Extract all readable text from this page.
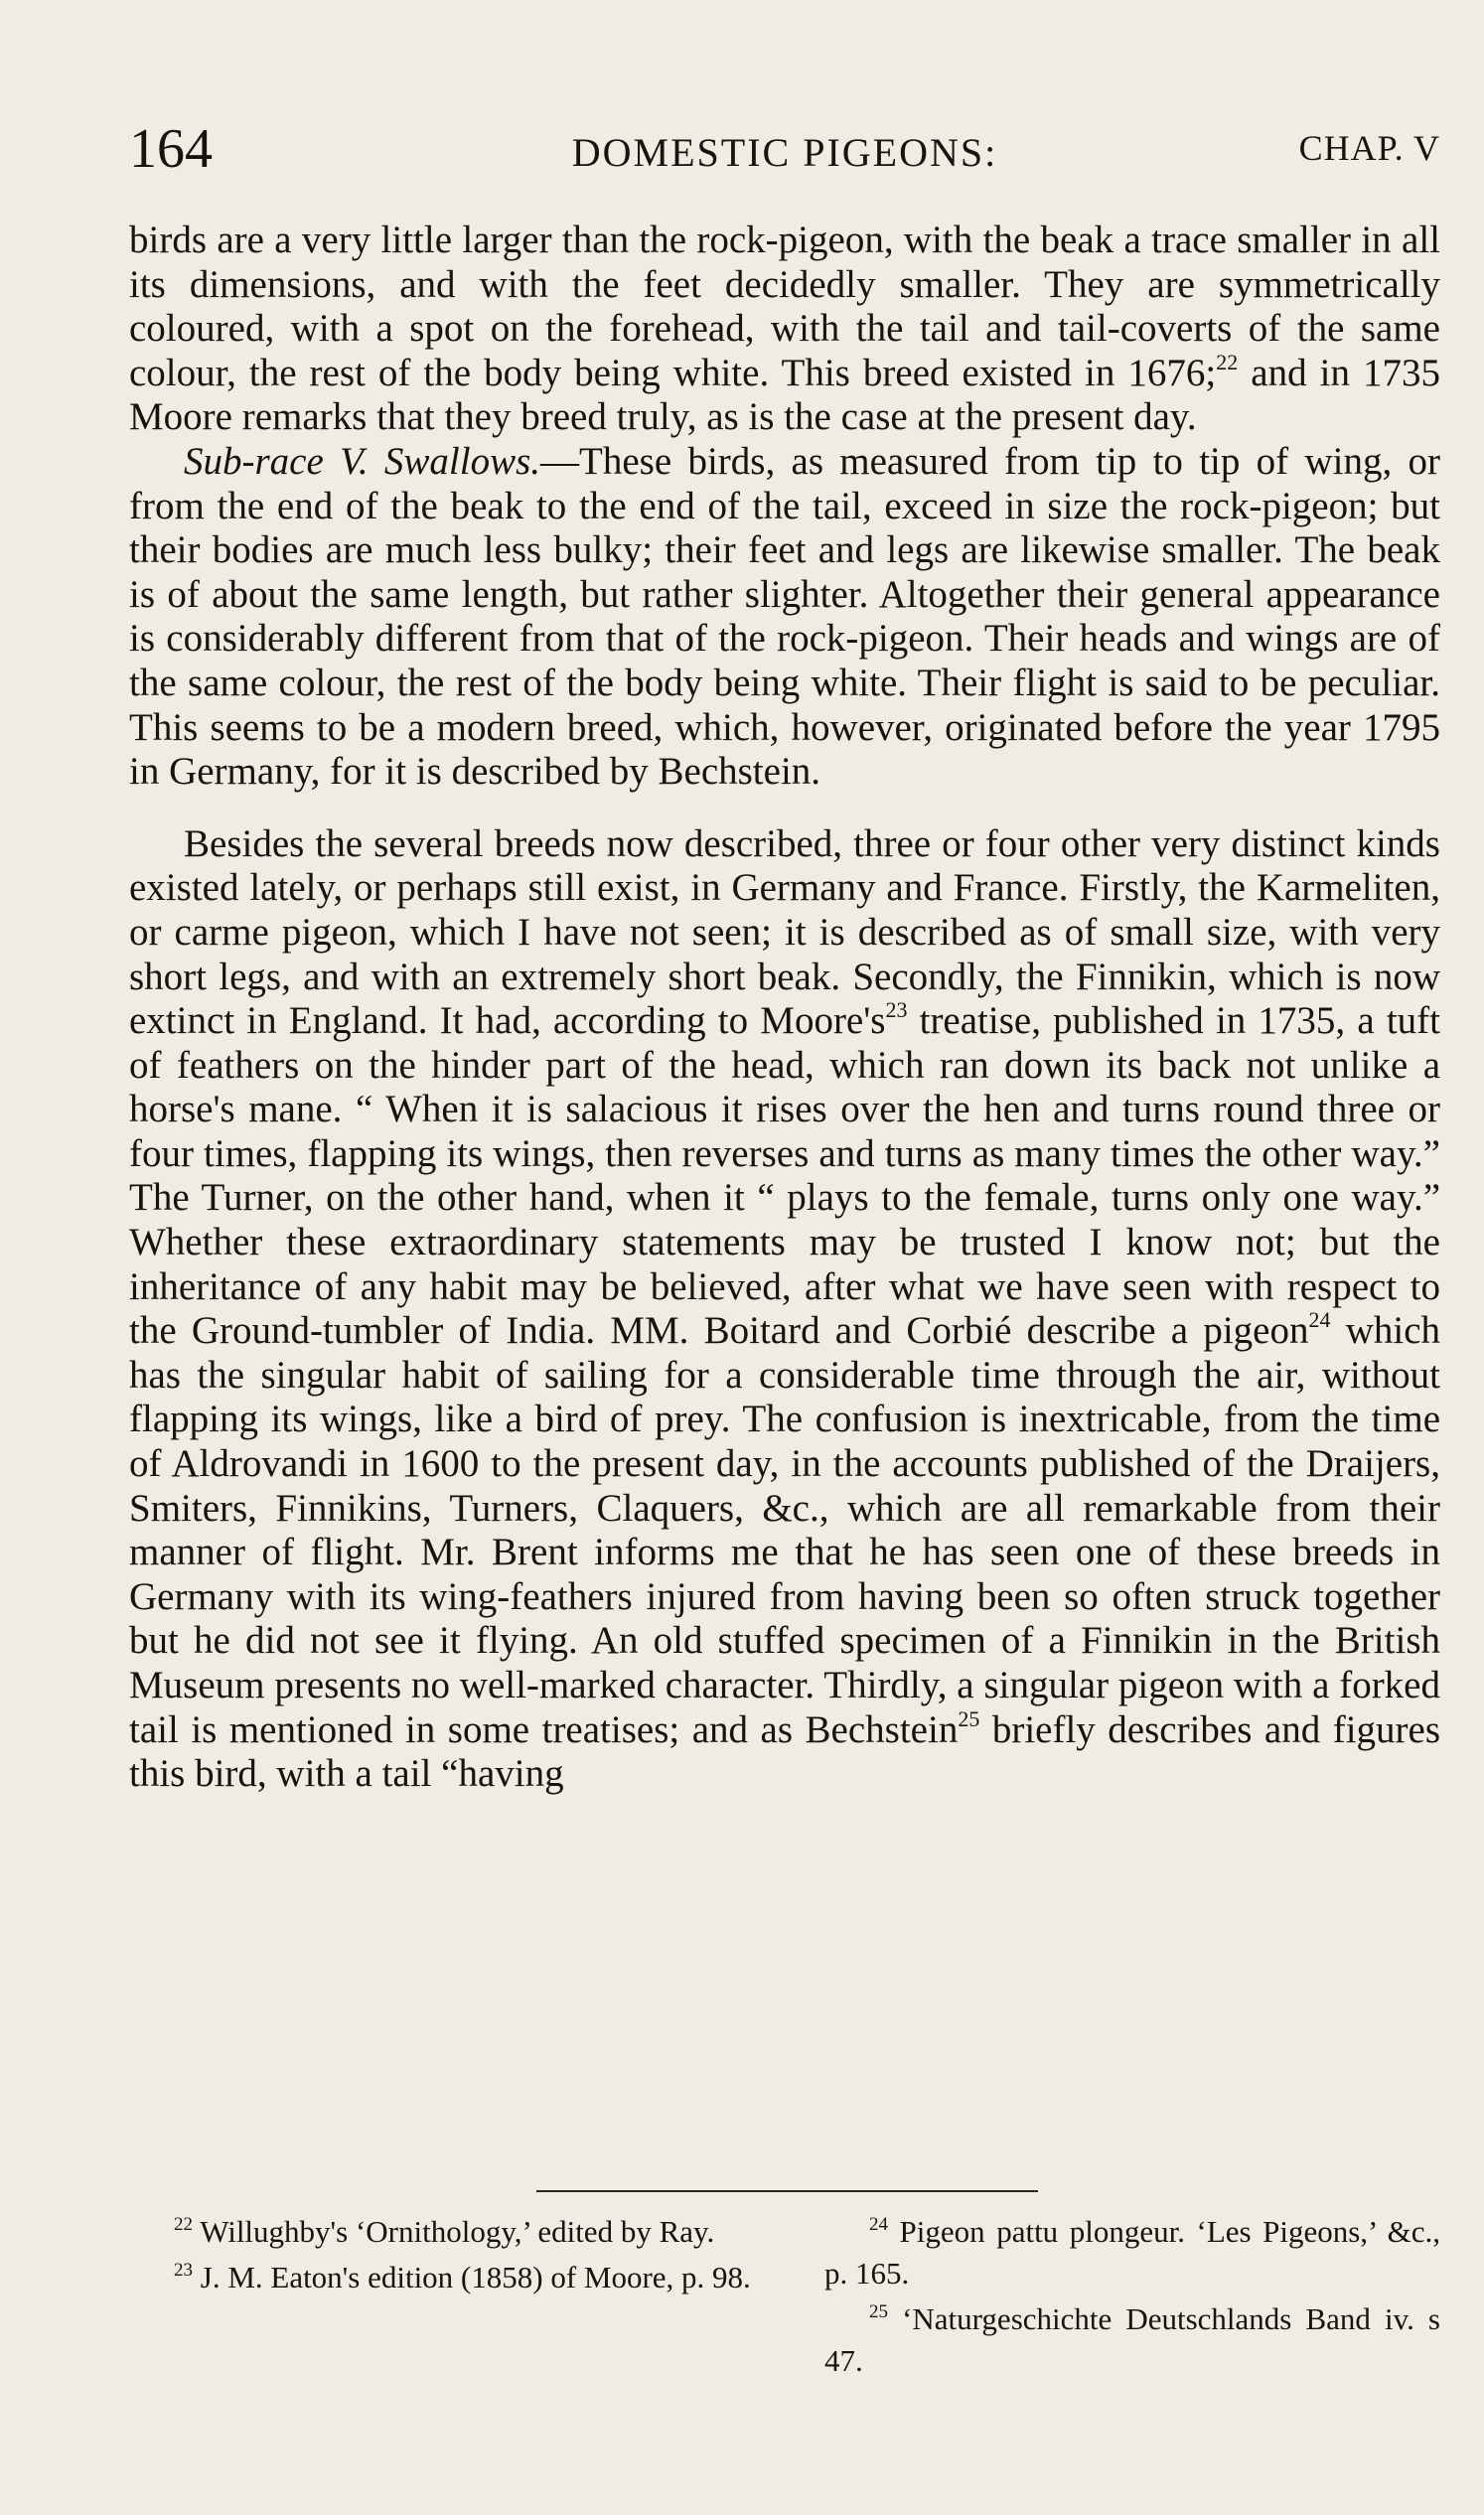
164	DOMESTIC PIGEONS:	CHAP. V

birds are a very little larger than the rock-pigeon, with the beak a trace smaller in all its dimensions, and with the feet decidedly smaller. They are symmetrically coloured, with a spot on the forehead, with the tail and tail-coverts of the same colour, the rest of the body being white. This breed existed in 1676;$^{22}$ and in 1735 Moore remarks that they breed truly, as is the case at the present day.

Sub-race V. Swallows.—These birds, as measured from tip to tip of wing, or from the end of the beak to the end of the tail, exceed in size the rock-pigeon; but their bodies are much less bulky; their feet and legs are likewise smaller. The beak is of about the same length, but rather slighter. Altogether their general appearance is considerably different from that of the rock-pigeon. Their heads and wings are of the same colour, the rest of the body being white. Their flight is said to be peculiar. This seems to be a modern breed, which, however, originated before the year 1795 in Germany, for it is described by Bechstein.

Besides the several breeds now described, three or four other very distinct kinds existed lately, or perhaps still exist, in Germany and France. Firstly, the Karmeliten, or carme pigeon, which I have not seen; it is described as of small size, with very short legs, and with an extremely short beak. Secondly, the Finnikin, which is now extinct in England. It had, according to $Moore's^{23}$ treatise, published in 1735, a tuft of feathers on the hinder part of the head, which ran down its back not unlike a horse's mane. “ When it is salacious it rises over the hen and turns round three or four times, flapping its wings, then reverses and turns as many times the other way.” The Turner, on the other hand, when it “ plays to the female, turns only one way.” Whether these extraordinary statements may be trusted I know not; but the inheritance of any habit may be believed, after what we have seen with respect to the Ground-tumbler of India. MM. Boitard and Corbié describe a pigeon$^{24}$ which has the singular habit of sailing for a considerable time through the air, without flapping its wings, like a bird of prey. The confusion is inextricable, from the time of Aldrovandi in 1600 to the present day, in the accounts published of the Draijers, Smiters, Finnikins, Turners, Claquers, &c., which are all remarkable from their manner of flight. Mr. Brent informs me that he has seen one of these breeds in Germany with its wing-feathers injured from having been so often struck together but he did not see it flying. An old stuffed specimen of a Finnikin in the British Museum presents no well-marked character. Thirdly, a singular pigeon with a forked tail is mentioned in some treatises; and as Bechstein$^{25}$ briefly describes and figures this bird, with a tail “having

$^{22}$ Willughby's ‘Ornithology,’ edited by Ray.

$^{23}$ J. M. Eaton's edition (1858) of Moore, p. 98.

$^{24}$ Pigeon pattu plongeur. ‘Les Pigeons,’ &c., p. 165.

$^{25}$ ‘Naturgeschichte Deutschlands Band iv. s 47.
